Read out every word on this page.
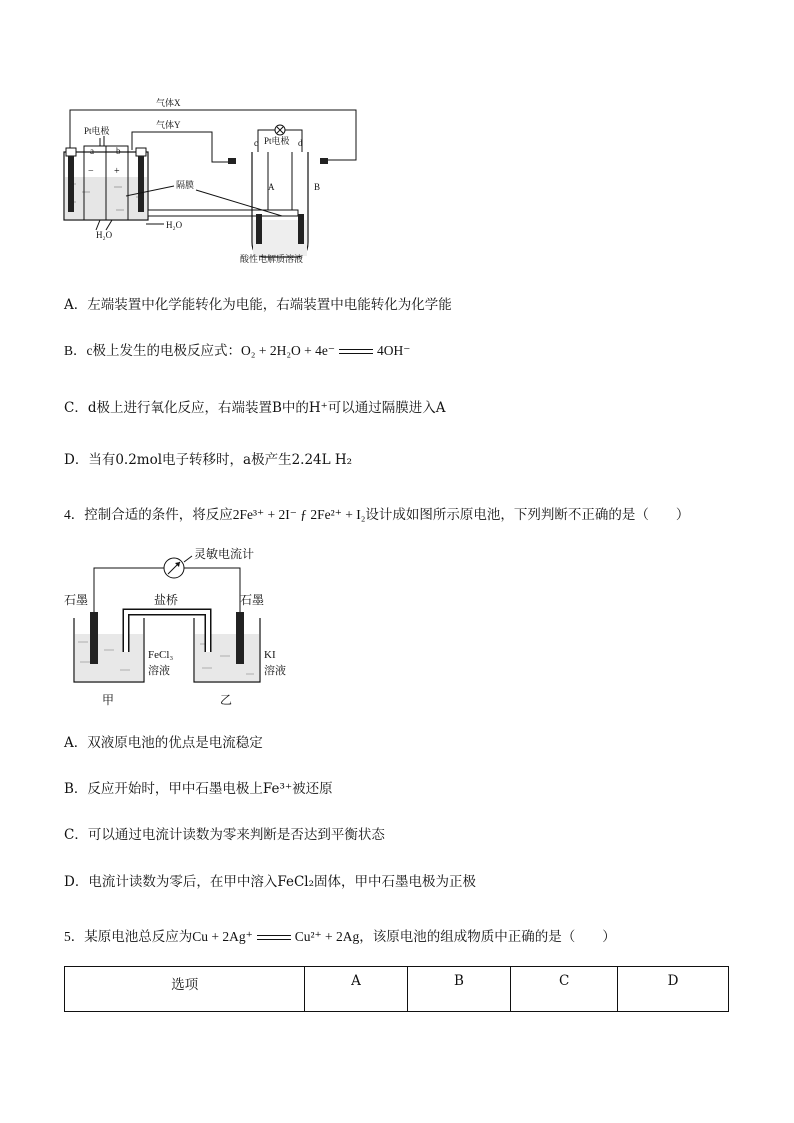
a b
− +
Pt电极
H₂O
H₂O
隔膜
c	d
Pt电极
A	B
气体X
气体Y
酸性电解质溶液
A．左端装置中化学能转化为电能，右端装置中电能转化为化学能
B．c极上发生的电极反应式：O₂ + 2H₂O + 4e⁻	4OH⁻
C．d极上进行氧化反应，右端装置B中的H⁺可以通过隔膜进入A
D．当有0.2mol电子转移时，a极产生2.24L H₂
4．控制合适的条件，将反应2Fe³⁺ + 2I⁻ ƒ 2Fe²⁺ + I₂设计成如图所示原电池，下列判断不正确的是（　　）
灵敏电流计
盐桥
石墨	石墨
FeCl₃
溶液
KI
溶液
甲	乙
A．双液原电池的优点是电流稳定
B．反应开始时，甲中石墨电极上Fe³⁺被还原
C．可以通过电流计读数为零来判断是否达到平衡状态
D．电流计读数为零后，在甲中溶入FeCl₂固体，甲中石墨电极为正极
5．某原电池总反应为Cu + 2Ag⁺	Cu²⁺ + 2Ag，该原电池的组成物质中正确的是（　　）
选项	A	B	C	D
